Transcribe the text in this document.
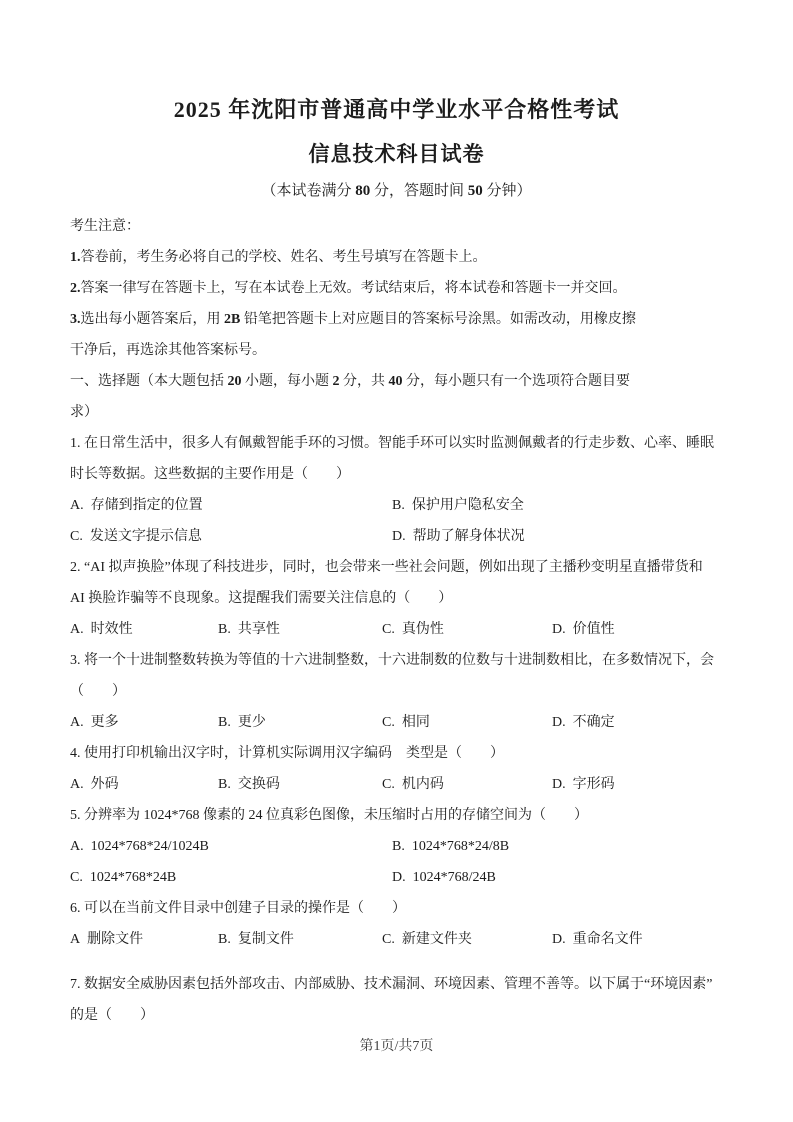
2025 年沈阳市普通高中学业水平合格性考试
信息技术科目试卷
（本试卷满分 80 分，答题时间 50 分钟）
考生注意：
1.答卷前，考生务必将自己的学校、姓名、考生号填写在答题卡上。
2.答案一律写在答题卡上，写在本试卷上无效。考试结束后，将本试卷和答题卡一并交回。
3.选出每小题答案后，用 2B 铅笔把答题卡上对应题目的答案标号涂黑。如需改动，用橡皮擦
干净后，再选涂其他答案标号。
一、选择题（本大题包括 20 小题，每小题 2 分，共 40 分，每小题只有一个选项符合题目要
求）
1. 在日常生活中，很多人有佩戴智能手环的习惯。智能手环可以实时监测佩戴者的行走步数、心率、睡眠
时长等数据。这些数据的主要作用是（　　）
A. 存储到指定的位置	B. 保护用户隐私安全
C. 发送文字提示信息	D. 帮助了解身体状况
2. “AI 拟声换脸”体现了科技进步，同时，也会带来一些社会问题，例如出现了主播秒变明星直播带货和
AI 换脸诈骗等不良现象。这提醒我们需要关注信息的（　　）
A. 时效性	B. 共享性	C. 真伪性	D. 价值性
3. 将一个十进制整数转换为等值的十六进制整数，十六进制数的位数与十进制数相比，在多数情况下，会
（　　）
A. 更多	B. 更少	C. 相同	D. 不确定
4. 使用打印机输出汉字时，计算机实际调用汉字编码　类型是（　　）
A. 外码	B. 交换码	C. 机内码	D. 字形码
5. 分辨率为 1024*768 像素的 24 位真彩色图像，未压缩时占用的存储空间为（　　）
A. 1024*768*24/1024B	B. 1024*768*24/8B
C. 1024*768*24B	D. 1024*768/24B
6. 可以在当前文件目录中创建子目录的操作是（　　）
A 删除文件	B. 复制文件	C. 新建文件夹	D. 重命名文件
7. 数据安全威胁因素包括外部攻击、内部威胁、技术漏洞、环境因素、管理不善等。以下属于“环境因素”
的是（　　）
第1页/共7页
